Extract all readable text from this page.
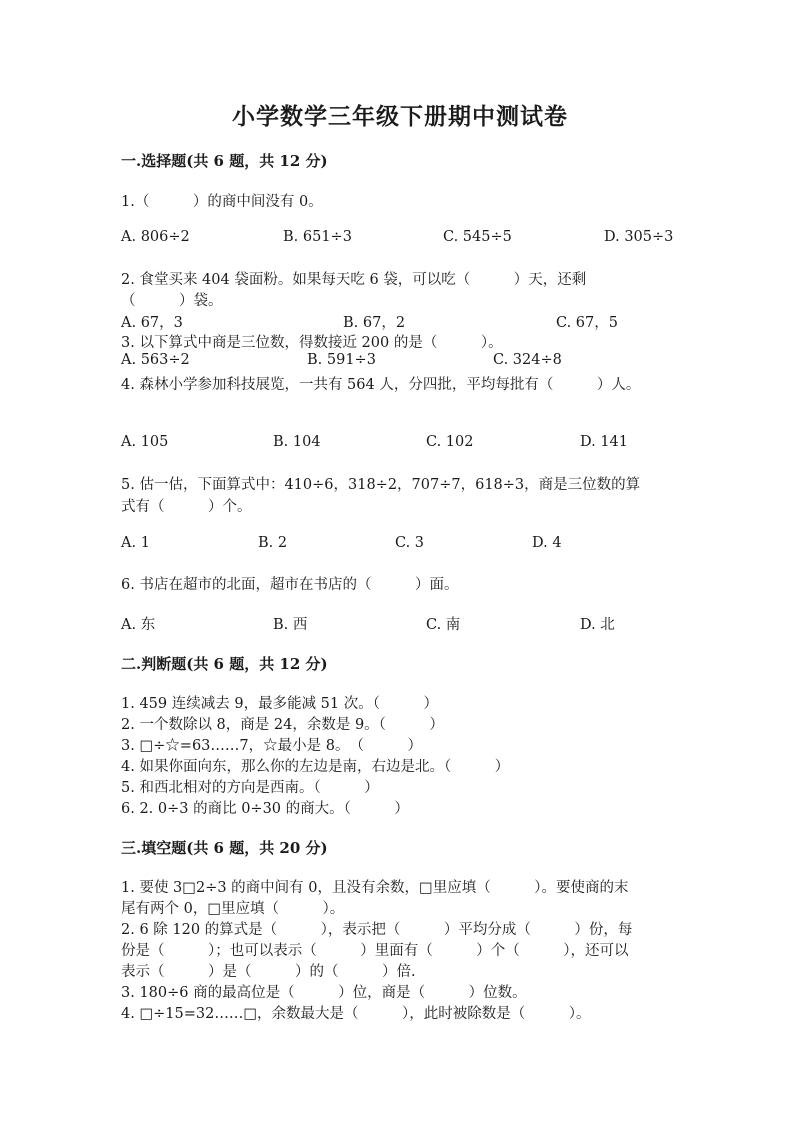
小学数学三年级下册期中测试卷
一.选择题(共 6 题，共 12 分)
1.（　　　）的商中间没有 0。
A. 806÷2	B. 651÷3	C. 545÷5	D. 305÷3
2. 食堂买来 404 袋面粉。如果每天吃 6 袋，可以吃（　　　）天，还剩
（　　　）袋。
A. 67，3	B. 67，2	C. 67，5
3. 以下算式中商是三位数，得数接近 200 的是（　　　）。
A. 563÷2	B. 591÷3	C. 324÷8
4. 森林小学参加科技展览，一共有 564 人，分四批，平均每批有（　　　）人。
A. 105	B. 104	C. 102	D. 141
5. 估一估，下面算式中：410÷6，318÷2，707÷7，618÷3，商是三位数的算
式有（　　　）个。
A. 1	B. 2	C. 3	D. 4
6. 书店在超市的北面，超市在书店的（　　　）面。
A. 东	B. 西	C. 南	D. 北
二.判断题(共 6 题，共 12 分)
1. 459 连续减去 9，最多能减 51 次。（　　　）
2. 一个数除以 8，商是 24，余数是 9。（　　　）
3. □÷☆=63……7，☆最小是 8。　（　　　）
4. 如果你面向东，那么你的左边是南，右边是北。（　　　）
5. 和西北相对的方向是西南。（　　　）
6. 2. 0÷3 的商比 0÷30 的商大。（　　　）
三.填空题(共 6 题，共 20 分)
1. 要使 3□2÷3 的商中间有 0，且没有余数，□里应填（　　　）。要使商的末
尾有两个 0，□里应填（　　　）。
2. 6 除 120 的算式是（　　　），表示把（　　　）平均分成（　　　）份，每
份是（　　　）；也可以表示（　　　）里面有（　　　）个（　　　），还可以
表示（　　　）是（　　　）的（　　　）倍.
3. 180÷6 商的最高位是（　　　）位，商是（　　　）位数。
4. □÷15=32……□，余数最大是（　　　），此时被除数是（　　　）。
